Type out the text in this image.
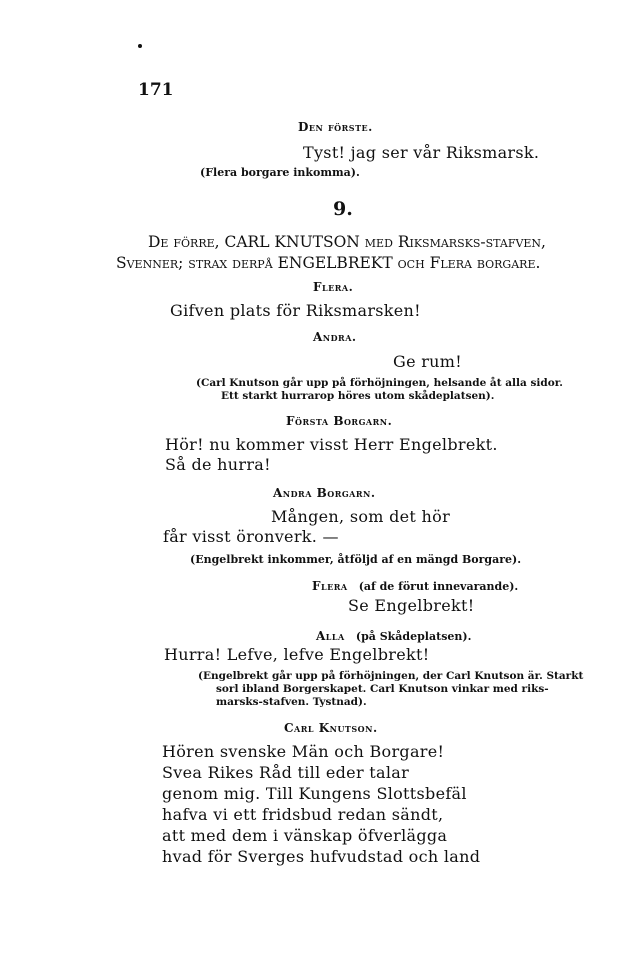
171
Den förste.
Tyst! jag ser vår Riksmarsk.
(Flera borgare inkomma).
9.
De förre, CARL KNUTSON med Riksmarsks-stafven,
Svenner; strax derpå ENGELBREKT och Flera borgare.
Flera.
Gifven plats för Riksmarsken!
Andra.
Ge rum!
(Carl Knutson går upp på förhöjningen, helsande åt alla sidor.
Ett starkt hurrarop höres utom skådeplatsen).
Första Borgarn.
Hör! nu kommer visst Herr Engelbrekt.
Så de hurra!
Andra Borgarn.
Mången, som det hör
får visst öronverk. —
(Engelbrekt inkommer, åtföljd af en mängd Borgare).
Flera (af de förut innevarande).
Se Engelbrekt!
Alla (på Skådeplatsen).
Hurra! Lefve, lefve Engelbrekt!
(Engelbrekt går upp på förhöjningen, der Carl Knutson är. Starkt
sorl ibland Borgerskapet. Carl Knutson vinkar med riks-
marsks-stafven. Tystnad).
Carl Knutson.
Hören svenske Män och Borgare!
Svea Rikes Råd till eder talar
genom mig. Till Kungens Slottsbefäl
hafva vi ett fridsbud redan sändt,
att med dem i vänskap öfverlägga
hvad för Sverges hufvudstad och land
